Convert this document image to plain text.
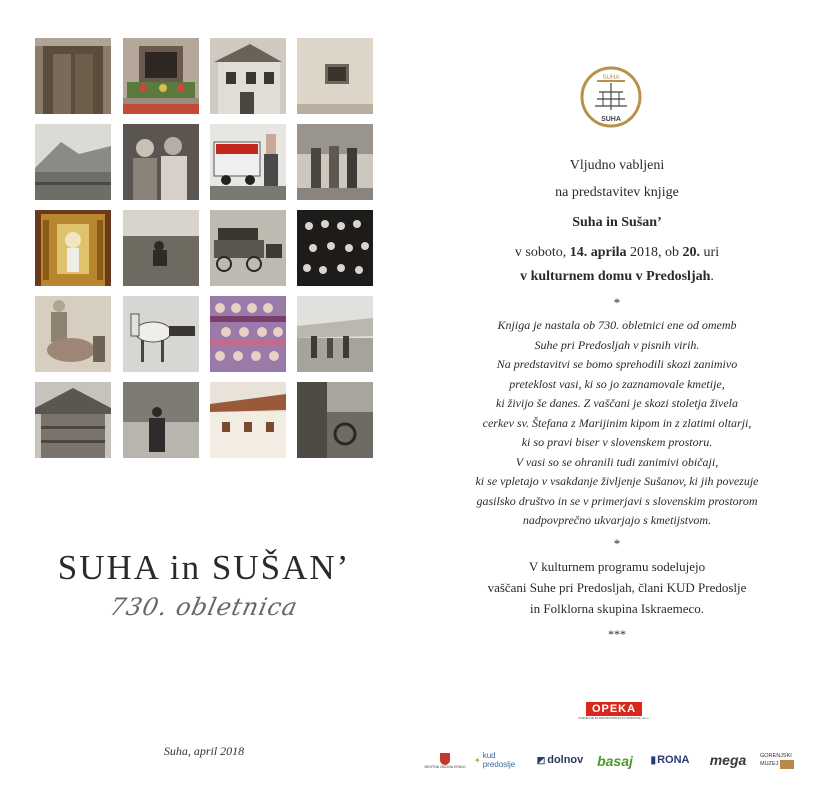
SUHA in SUŠAN’
730. obletnica
Suha, april 2018
SUHA
SUHA
Vljudno vabljeni
na predstavitev knjige
Suha in Sušan’
v soboto, 14. aprila 2018, ob 20. uri
v kulturnem domu v Predosljah.
*
Knjiga je nastala ob 730. obletnici ene od omemb
Suhe pri Predosljah v pisnih virih.
Na predstavitvi se bomo sprehodili skozi zanimivo
preteklost vasi, ki so jo zaznamovale kmetije,
ki živijo še danes. Z vaščani je skozi stoletja živela
cerkev sv. Štefana z Marijinim kipom in z zlatimi oltarji,
ki so pravi biser v slovenskem prostoru.
V vasi so se ohranili tudi zanimivi običaji,
ki se vpletajo v vsakdanje življenje Sušanov, ki jih povezuje
gasilsko društvo in se v primerjavi s slovenskim prostorom
nadpovprečno ukvarjajo s kmetijstvom.
*
V kulturnem programu sodelujejo
vaščani Suhe pri Predosljah, člani KUD Predoslje
in Folklorna skupina Iskraemeco.
***
OPEKA
PODJETJE ZA PROIZVODNJO IN STORITVE, d.o.o.
MESTNA OBČINA KRANJ
✦ kud predoslje	◩ dolnov basaj	▮ RONA	mega	GORENJSKI
MUZEJ
